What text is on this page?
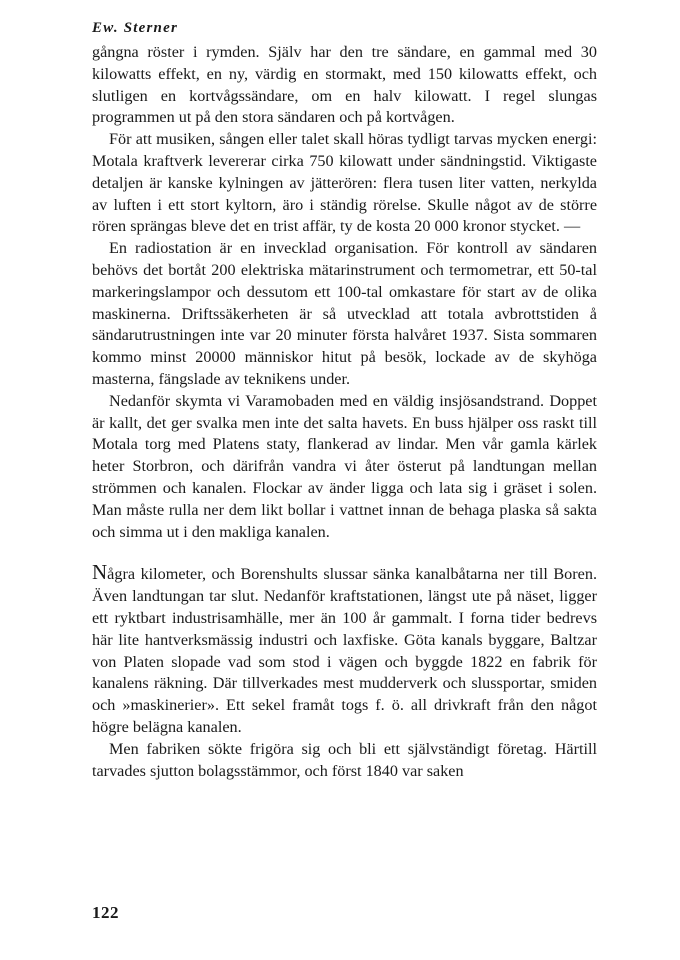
Ew. Sterner

gångna röster i rymden. Själv har den tre sändare, en gammal med 30 kilowatts effekt, en ny, värdig en stormakt, med 150 kilowatts effekt, och slutligen en kortvågssändare, om en halv kilowatt. I regel slungas programmen ut på den stora sändaren och på kortvågen.

För att musiken, sången eller talet skall höras tydligt tarvas mycken energi: Motala kraftverk levererar cirka 750 kilowatt under sändningstid. Viktigaste detaljen är kanske kylningen av jätterören: flera tusen liter vatten, nerkylda av luften i ett stort kyltorn, äro i ständig rörelse. Skulle något av de större rören sprängas bleve det en trist affär, ty de kosta 20 000 kronor stycket. —

En radiostation är en invecklad organisation. För kontroll av sändaren behövs det bortåt 200 elektriska mätarinstrument och termometrar, ett 50-tal markeringslampor och dessutom ett 100-tal omkastare för start av de olika maskinerna. Driftssäkerheten är så utvecklad att totala avbrottstiden å sändarutrustningen inte var 20 minuter första halvåret 1937. Sista sommaren kommo minst 20000 människor hitut på besök, lockade av de skyhöga masterna, fängslade av teknikens under.

Nedanför skymta vi Varamobaden med en väldig insjösandstrand. Doppet är kallt, det ger svalka men inte det salta havets. En buss hjälper oss raskt till Motala torg med Platens staty, flankerad av lindar. Men vår gamla kärlek heter Storbron, och därifrån vandra vi åter österut på landtungan mellan strömmen och kanalen. Flockar av änder ligga och lata sig i gräset i solen. Man måste rulla ner dem likt bollar i vattnet innan de behaga plaska så sakta och simma ut i den makliga kanalen.

Några kilometer, och Borenshults slussar sänka kanalbåtarna ner till Boren. Även landtungan tar slut. Nedanför kraftstationen, längst ute på näset, ligger ett ryktbart industrisamhälle, mer än 100 år gammalt. I forna tider bedrevs här lite hantverksmässig industri och laxfiske. Göta kanals byggare, Baltzar von Platen slopade vad som stod i vägen och byggde 1822 en fabrik för kanalens räkning. Där tillverkades mest mudderverk och slussportar, smiden och »maskinerier». Ett sekel framåt togs f. ö. all drivkraft från den något högre belägna kanalen.

Men fabriken sökte frigöra sig och bli ett självständigt företag. Härtill tarvades sjutton bolagsstämmor, och först 1840 var saken

122
